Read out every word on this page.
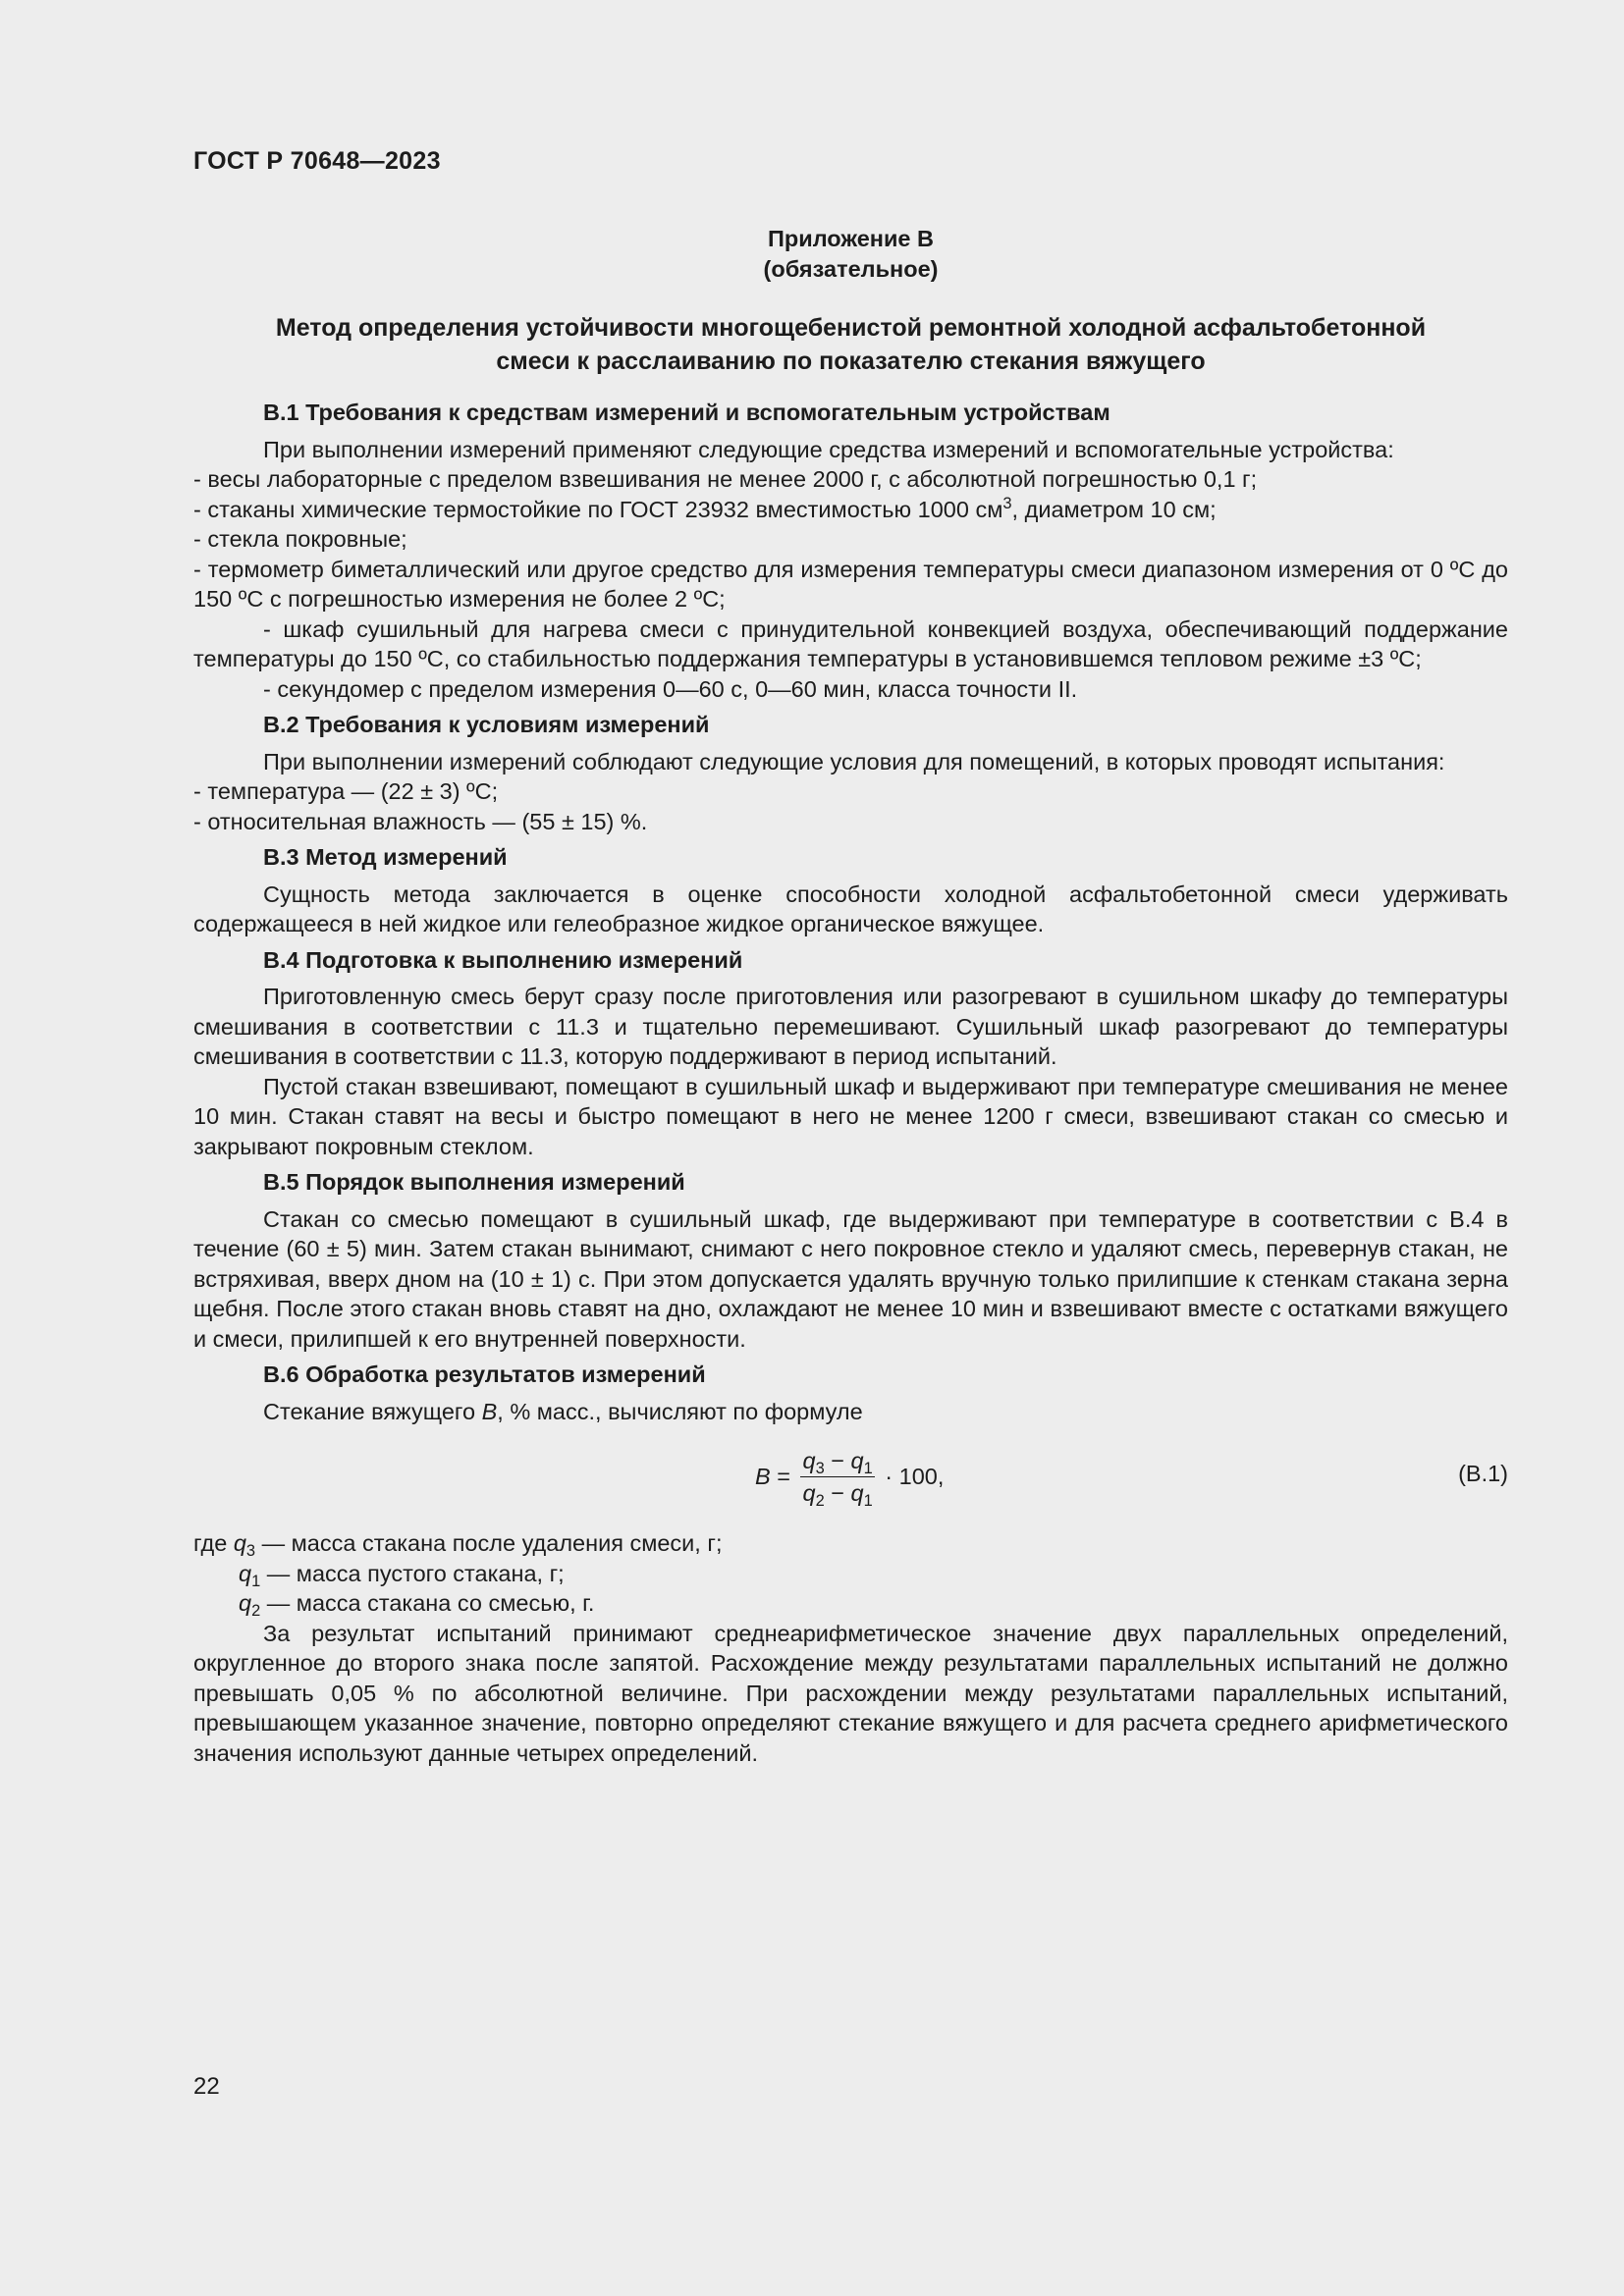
ГОСТ Р 70648—2023
Приложение В
(обязательное)
Метод определения устойчивости многощебенистой ремонтной холодной асфальтобетонной
смеси к расслаиванию по показателю стекания вяжущего
В.1 Требования к средствам измерений и вспомогательным устройствам
При выполнении измерений применяют следующие средства измерений и вспомогательные устройства:
- весы лабораторные с пределом взвешивания не менее 2000 г, с абсолютной погрешностью 0,1 г;
- стаканы химические термостойкие по ГОСТ 23932 вместимостью 1000 $см^3$, диаметром 10 см;
- стекла покровные;
- термометр биметаллический или другое средство для измерения температуры смеси диапазоном измерения от 0 ºС до 150 ºС с погрешностью измерения не более 2 ºС;
- шкаф сушильный для нагрева смеси с принудительной конвекцией воздуха, обеспечивающий поддержание температуры до 150 ºС, со стабильностью поддержания температуры в установившемся тепловом режиме ±3 ºС;
- секундомер с пределом измерения 0—60 с, 0—60 мин, класса точности II.
В.2 Требования к условиям измерений
При выполнении измерений соблюдают следующие условия для помещений, в которых проводят испытания:
- температура — (22 ± 3) ºС;
- относительная влажность — (55 ± 15) %.
В.3 Метод измерений
Сущность метода заключается в оценке способности холодной асфальтобетонной смеси удерживать содержащееся в ней жидкое или гелеобразное жидкое органическое вяжущее.
В.4 Подготовка к выполнению измерений
Приготовленную смесь берут сразу после приготовления или разогревают в сушильном шкафу до температуры смешивания в соответствии с 11.3 и тщательно перемешивают. Сушильный шкаф разогревают до температуры смешивания в соответствии с 11.3, которую поддерживают в период испытаний.
Пустой стакан взвешивают, помещают в сушильный шкаф и выдерживают при температуре смешивания не менее 10 мин. Стакан ставят на весы и быстро помещают в него не менее 1200 г смеси, взвешивают стакан со смесью и закрывают покровным стеклом.
В.5 Порядок выполнения измерений
Стакан со смесью помещают в сушильный шкаф, где выдерживают при температуре в соответствии с В.4 в течение (60 ± 5) мин. Затем стакан вынимают, снимают с него покровное стекло и удаляют смесь, перевернув стакан, не встряхивая, вверх дном на (10 ± 1) с. При этом допускается удалять вручную только прилипшие к стенкам стакана зерна щебня. После этого стакан вновь ставят на дно, охлаждают не менее 10 мин и взвешивают вместе с остатками вяжущего и смеси, прилипшей к его внутренней поверхности.
В.6 Обработка результатов измерений
Стекание вяжущего B, % масс., вычисляют по формуле
$B = \frac{q_3 - q_1}{q_2 - q_1} \cdot 100$,	(В.1)
где $q_3$ — масса стакана после удаления смеси, г;
$q_1$ — масса пустого стакана, г;
$q_2$ — масса стакана со смесью, г.
За результат испытаний принимают среднеарифметическое значение двух параллельных определений, округленное до второго знака после запятой. Расхождение между результатами параллельных испытаний не должно превышать 0,05 % по абсолютной величине. При расхождении между результатами параллельных испытаний, превышающем указанное значение, повторно определяют стекание вяжущего и для расчета среднего арифметического значения используют данные четырех определений.
22
